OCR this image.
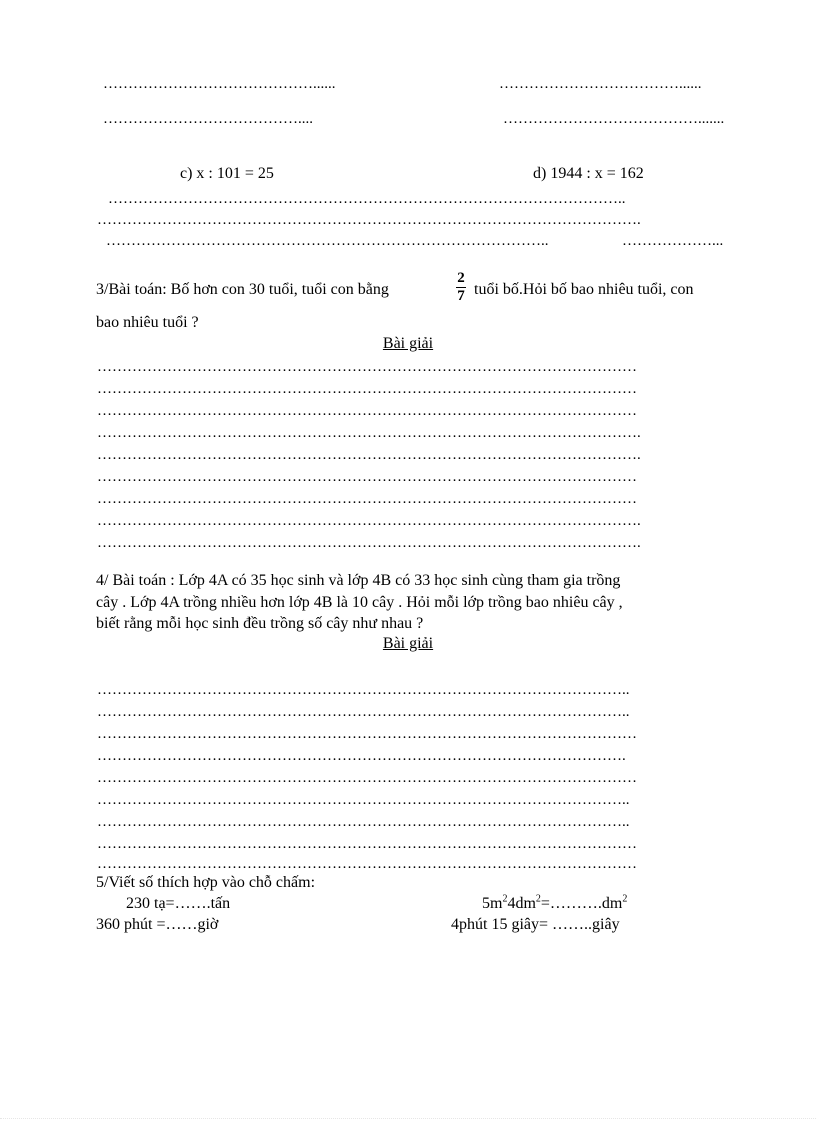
……………………………………......	………………………………......
…………………………………....	………………………………….......
c) x : 101 = 25	d) 1944 : x = 162
…………………………………………………………………………………………..
……………………………………………………………………………………………….
……………………………………………………………………………..	………………...
3/Bài toán: Bố hơn con 30 tuổi, tuổi con bằng
2
7 tuổi bố.Hỏi bố bao nhiêu tuổi, con
bao nhiêu tuổi ?
Bài giải
………………………………………………………………………………………………
………………………………………………………………………………………………
………………………………………………………………………………………………
……………………………………………………………………………………………….
……………………………………………………………………………………………….
………………………………………………………………………………………………
………………………………………………………………………………………………
……………………………………………………………………………………………….
……………………………………………………………………………………………….
4/ Bài toán : Lớp 4A có 35 học sinh và lớp 4B có 33 học sinh cùng tham gia trồng
cây . Lớp 4A trồng nhiều hơn lớp 4B là 10 cây . Hỏi mỗi lớp trồng bao nhiêu cây ,
biết rằng mỗi học sinh đều trồng số cây như nhau ?
Bài giải
……………………………………………………………………………………………..
……………………………………………………………………………………………..
………………………………………………………………………………………………
…………………………………………………………………………………………….
………………………………………………………………………………………………
……………………………………………………………………………………………..
……………………………………………………………………………………………..
………………………………………………………………………………………………
………………………………………………………………………………………………
5/Viết số thích hợp vào chỗ chấm:
230 tạ=…….tấn	$5m^24dm^2=\dots\dots\dots.dm^2$
360 phút =……giờ	4phút 15 giây= ……..giây
